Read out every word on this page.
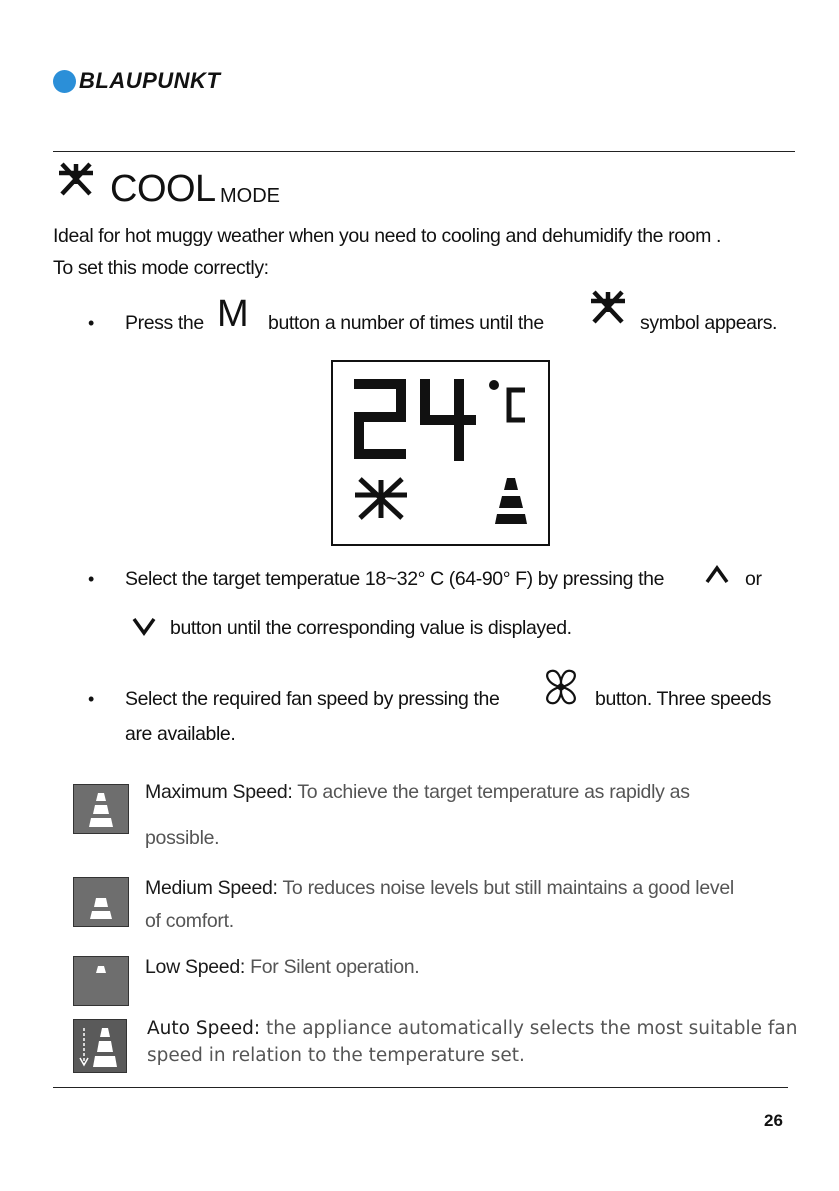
BLAUPUNKT
COOL MODE
Ideal for hot muggy weather when you need to cooling and dehumidify the room .
To set this mode correctly:
• Press the M button a number of times until the	symbol appears.
• Select the target temperatue 18~32° C (64-90° F) by pressing the	or
button until the corresponding value is displayed.
• Select the required fan speed by pressing the	button. Three speeds
are available.
Maximum Speed: To achieve the target temperature as rapidly as
possible.
Medium Speed: To reduces noise levels but still maintains a good level
of comfort.
Low Speed: For Silent operation.
Auto Speed: the appliance automatically selects the most suitable fan
speed in relation to the temperature set.
26
